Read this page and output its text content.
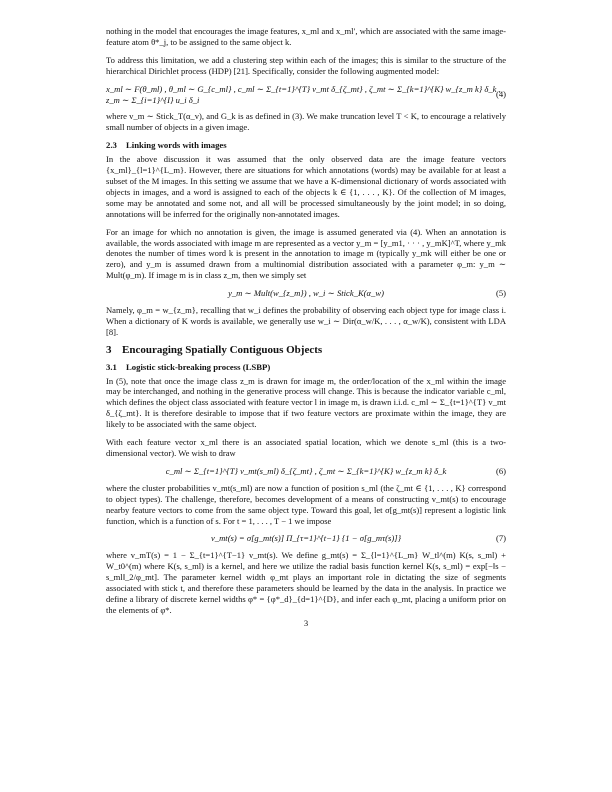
nothing in the model that encourages the image features, x_ml and x_ml′, which are associated with the same image-feature atom θ*_j, to be assigned to the same object k.

To address this limitation, we add a clustering step within each of the images; this is similar to the structure of the hierarchical Dirichlet process (HDP) [21]. Specifically, consider the following augmented model:

x_ml ∼ F(θ_ml) , θ_ml ∼ G_{c_ml} , c_ml ∼ Σ_{t=1}^{T} v_mt δ_{ζ_mt} , ζ_mt ∼ Σ_{k=1}^{K} w_{z_m k} δ_k , z_m ∼ Σ_{i=1}^{I} u_i δ_i
(4)

where v_m ∼ Stick_T(α_v), and G_k is as defined in (3). We make truncation level T < K, to encourage a relatively small number of objects in a given image.

2.3 Linking words with images

In the above discussion it was assumed that the only observed data are the image feature vectors {x_ml}_{l=1}^{L_m}. However, there are situations for which annotations (words) may be available for at least a subset of the M images. In this setting we assume that we have a K-dimensional dictionary of words associated with objects in images, and a word is assigned to each of the objects k ∈ {1, . . . , K}. Of the collection of M images, some may be annotated and some not, and all will be processed simultaneously by the joint model; in so doing, annotations will be inferred for the originally non-annotated images.

For an image for which no annotation is given, the image is assumed generated via (4). When an annotation is available, the words associated with image m are represented as a vector y_m = [y_m1, · · · , y_mK]^T, where y_mk denotes the number of times word k is present in the annotation to image m (typically y_mk will either be one or zero), and y_m is assumed drawn from a multinomial distribution associated with a parameter φ_m: y_m ∼ Mult(φ_m). If image m is in class z_m, then we simply set

y_m ∼ Mult(w_{z_m}) , w_i ∼ Stick_K(α_w)	(5)

Namely, φ_m = w_{z_m}, recalling that w_i defines the probability of observing each object type for image class i. When a dictionary of K words is available, we generally use w_i ∼ Dir(α_w/K, . . . , α_w/K), consistent with LDA [8].

3 Encouraging Spatially Contiguous Objects
3.1 Logistic stick-breaking process (LSBP)

In (5), note that once the image class z_m is drawn for image m, the order/location of the x_ml within the image may be interchanged, and nothing in the generative process will change. This is because the indicator variable c_ml, which defines the object class associated with feature vector l in image m, is drawn i.i.d. c_ml ∼ Σ_{t=1}^{T} v_mt δ_{ζ_mt}. It is therefore desirable to impose that if two feature vectors are proximate within the image, they are likely to be associated with the same object.

With each feature vector x_ml there is an associated spatial location, which we denote s_ml (this is a two-dimensional vector). We wish to draw

c_ml ∼ Σ_{t=1}^{T} v_mt(s_ml) δ_{ζ_mt} , ζ_mt ∼ Σ_{k=1}^{K} w_{z_m k} δ_k	(6)

where the cluster probabilities v_mt(s_ml) are now a function of position s_ml (the ζ_mt ∈ {1, . . . , K} correspond to object types). The challenge, therefore, becomes development of a means of constructing v_mt(s) to encourage nearby feature vectors to come from the same object type. Toward this goal, let σ[g_mt(s)] represent a logistic link function, which is a function of s. For t = 1, . . . , T − 1 we impose

v_mt(s) = σ[g_mt(s)] Π_{τ=1}^{t−1} {1 − σ[g_mτ(s)]}	(7)

where v_mT(s) = 1 − Σ_{t=1}^{T−1} v_mt(s). We define g_mt(s) = Σ_{l=1}^{L_m} W_tl^(m) K(s, s_ml) + W_t0^(m) where K(s, s_ml) is a kernel, and here we utilize the radial basis function kernel K(s, s_ml) = exp[−‖s − s_ml‖_2/φ_mt]. The parameter kernel width φ_mt plays an important role in dictating the size of segments associated with stick t, and therefore these parameters should be learned by the data in the analysis. In practice we define a library of discrete kernel widths φ* = {φ*_d}_{d=1}^{D}, and infer each φ_mt, placing a uniform prior on the elements of φ*.

3
